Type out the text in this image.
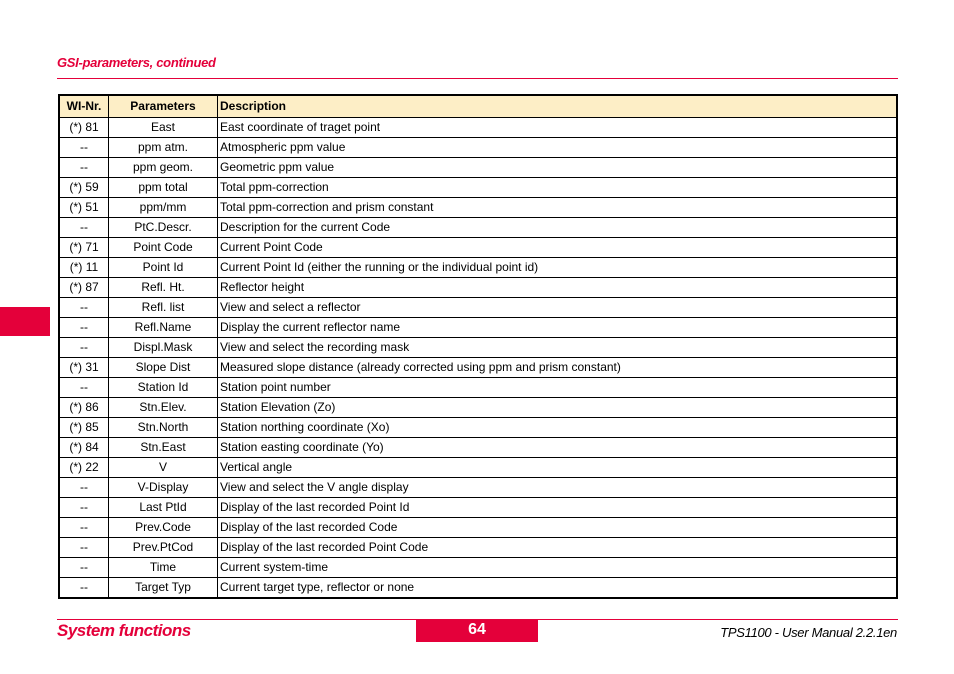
GSI-parameters, continued
WI-Nr.	Parameters	Description
(*) 81	East	East coordinate of traget point
--	ppm atm.	Atmospheric ppm value
--	ppm geom.	Geometric ppm value
(*) 59	ppm total	Total ppm-correction
(*) 51	ppm/mm	Total ppm-correction and prism constant
--	PtC.Descr.	Description for the current Code
(*) 71	Point Code	Current Point Code
(*) 11	Point Id	Current Point Id (either the running or the individual point id)
(*) 87	Refl. Ht.	Reflector height
--	Refl. list	View and select a reflector
--	Refl.Name	Display the current reflector name
--	Displ.Mask	View and select the recording mask
(*) 31	Slope Dist	Measured slope distance (already corrected using ppm and prism constant)
--	Station Id	Station point number
(*) 86	Stn.Elev.	Station Elevation (Zo)
(*) 85	Stn.North	Station northing coordinate (Xo)
(*) 84	Stn.East	Station easting coordinate (Yo)
(*) 22	V	Vertical angle
--	V-Display	View and select the V angle display
--	Last PtId	Display of the last recorded Point Id
--	Prev.Code	Display of the last recorded Code
--	Prev.PtCod	Display of the last recorded Point Code
--	Time	Current system-time
--	Target Typ	Current target type, reflector or none
System functions	64	TPS1100 - User Manual 2.2.1en
